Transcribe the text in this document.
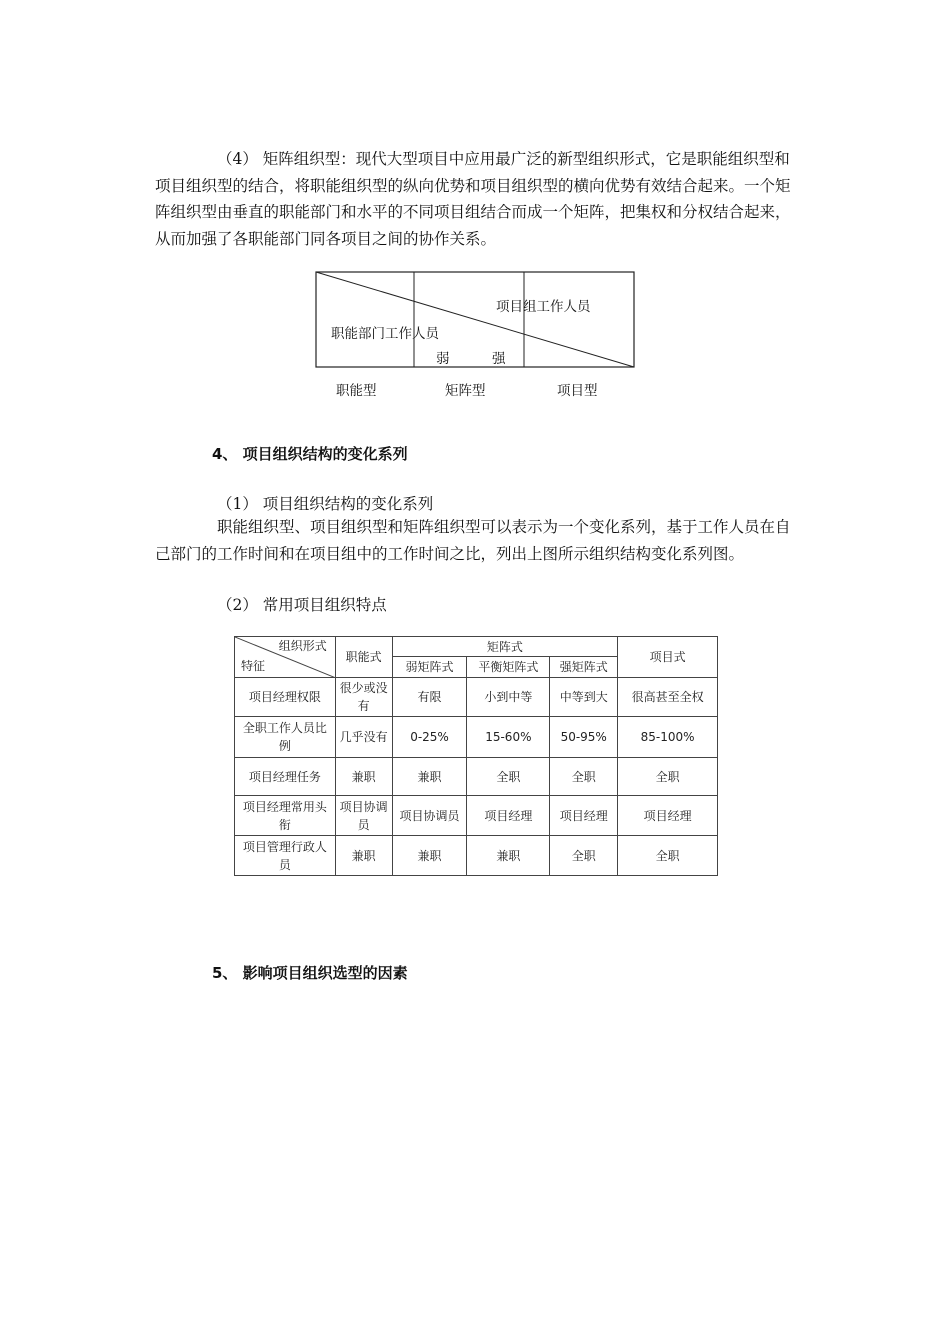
（4） 矩阵组织型：现代大型项目中应用最广泛的新型组织形式，它是职能组织型和项目组织型的结合，将职能组织型的纵向优势和项目组织型的横向优势有效结合起来。一个矩阵组织型由垂直的职能部门和水平的不同项目组结合而成一个矩阵，把集权和分权结合起来，从而加强了各职能部门同各项目之间的协作关系。
项目组工作人员
职能部门工作人员
弱	强
职能型	矩阵型	项目型
4、 项目组织结构的变化系列
（1） 项目组织结构的变化系列
职能组织型、项目组织型和矩阵组织型可以表示为一个变化系列，基于工作人员在自己部门的工作时间和在项目组中的工作时间之比，列出上图所示组织结构变化系列图。
（2） 常用项目组织特点
组织形式
特征	职能式	矩阵式			项目式
		弱矩阵式	平衡矩阵式	强矩阵式	
项目经理权限	很少或没有	有限	小到中等	中等到大	很高甚至全权
全职工作人员比例	几乎没有	0-25%	15-60%	50-95%	85-100%
项目经理任务	兼职	兼职	全职	全职	全职
项目经理常用头衔	项目协调员	项目协调员	项目经理	项目经理	项目经理
项目管理行政人员	兼职	兼职	兼职	全职	全职
5、 影响项目组织选型的因素
